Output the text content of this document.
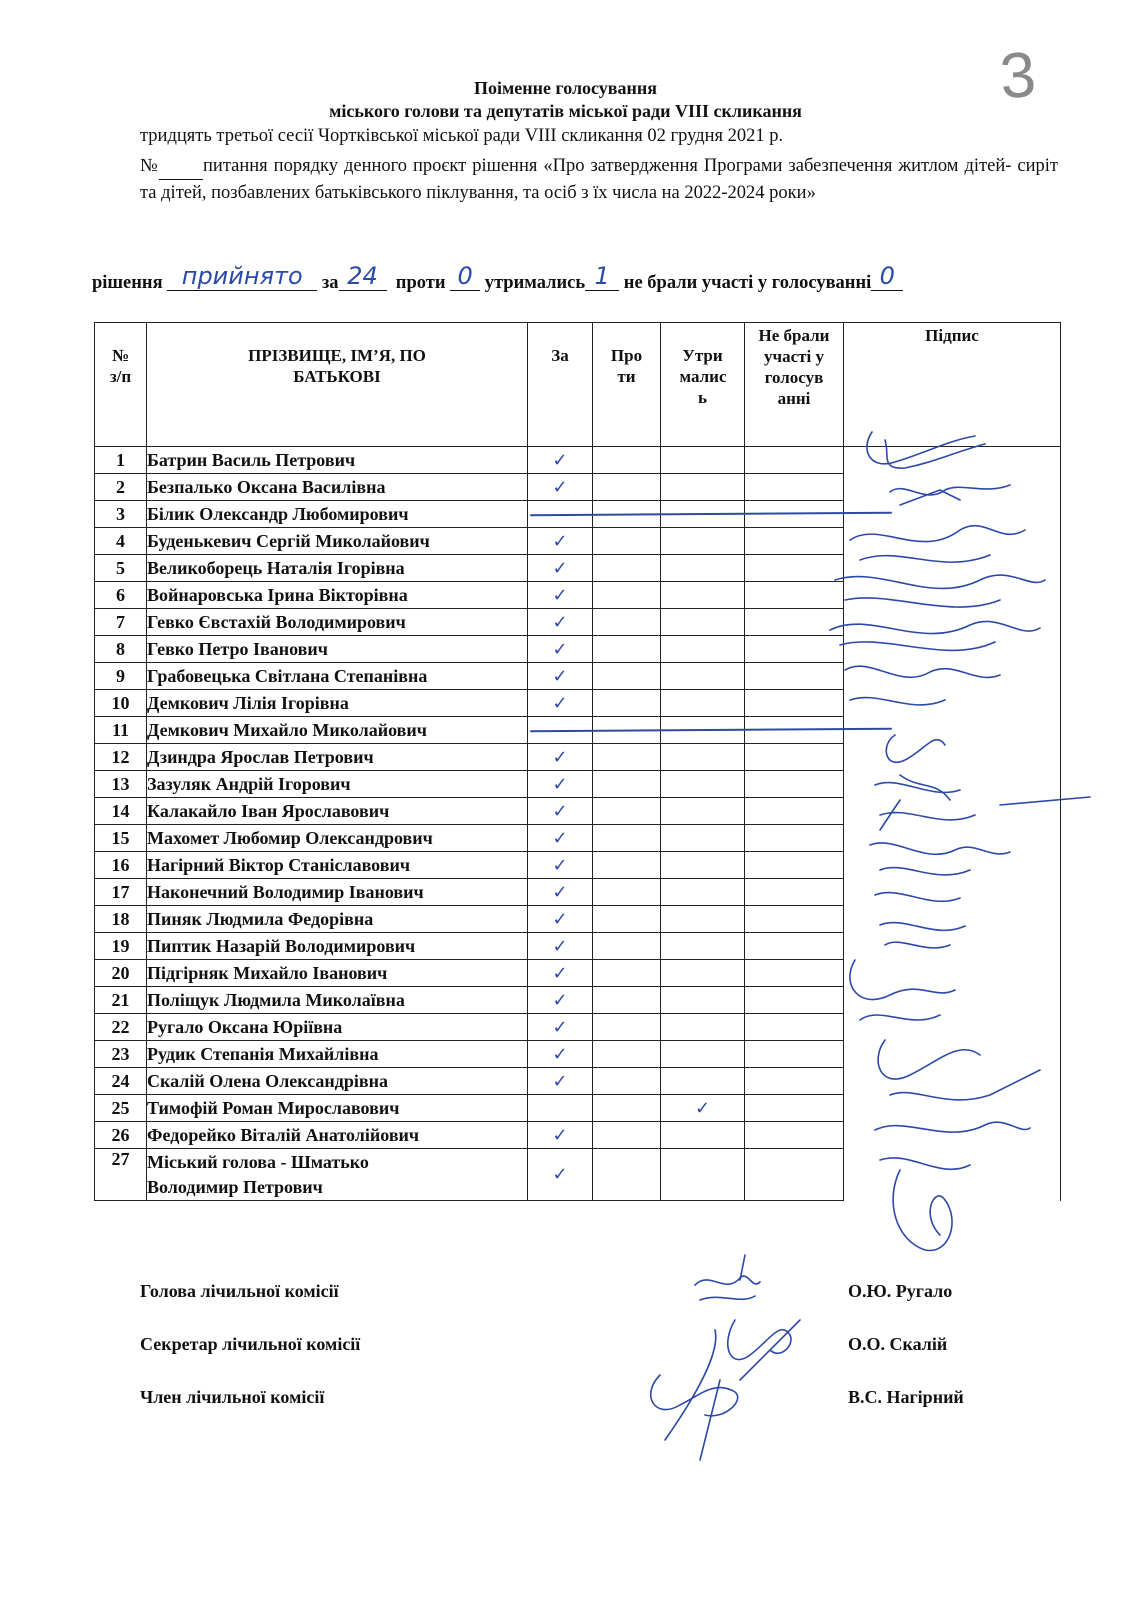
3
Поіменне голосування
міського голови та депутатів міської ради VIII скликання
тридцять третьої сесії Чортківської міської ради VIII скликання 02 грудня 2021 р.
№ питання порядку денного проєкт рішення «Про затвердження Програми забезпечення житлом дітей- сиріт та дітей, позбавлених батьківського піклування, та осіб з їх числа на 2022-2024 роки»
рішення прийнято	за 24 проти 0 утримались 1 не брали участі у голосуванні 0
№ з/п	ПРІЗВИЩЕ, ІМ’Я, ПО БАТЬКОВІ	За	Про ти	Утри малис ь	Не брали участі у голосув анні	Підпис

1	Батрин Василь Петрович	✓				
2	Безпалько Оксана Василівна	✓				
3	Білик Олександр Любомирович	

4	Буденькевич Сергій Миколайович	✓				
5	Великоборець Наталія Ігорівна	✓				
6	Войнаровська Ірина Вікторівна	✓				
7	Гевко Євстахій Володимирович	✓				
8	Гевко Петро Іванович	✓				
9	Грабовецька Світлана Степанівна	✓				
10	Демкович Лілія Ігорівна	✓				
11	Демкович Михайло Миколайович	

12	Дзиндра Ярослав Петрович	✓				
13	Зазуляк Андрій Ігорович	✓				
14	Калакайло Іван Ярославович	✓				
15	Махомет Любомир Олександрович	✓				
16	Нагірний Віктор Станіславович	✓				
17	Наконечний Володимир Іванович	✓				
18	Пиняк Людмила Федорівна	✓				
19	Пиптик Назарій Володимирович	✓				
20	Підгірняк Михайло Іванович	✓				
21	Поліщук Людмила Миколаївна	✓				
22	Ругало Оксана Юріївна	✓				
23	Рудик Степанія Михайлівна	✓				
24	Скалій Олена Олександрівна	✓				
25	Тимофій Роман Мирославович			✓		
26	Федорейко Віталій Анатолійович	✓				
27	Міський голова - Шматько Володимир Петрович	✓				
Голова лічильної комісії	О.Ю. Ругало
Секретар лічильної комісії	О.О. Скалій
Член лічильної комісії	В.С. Нагірний
